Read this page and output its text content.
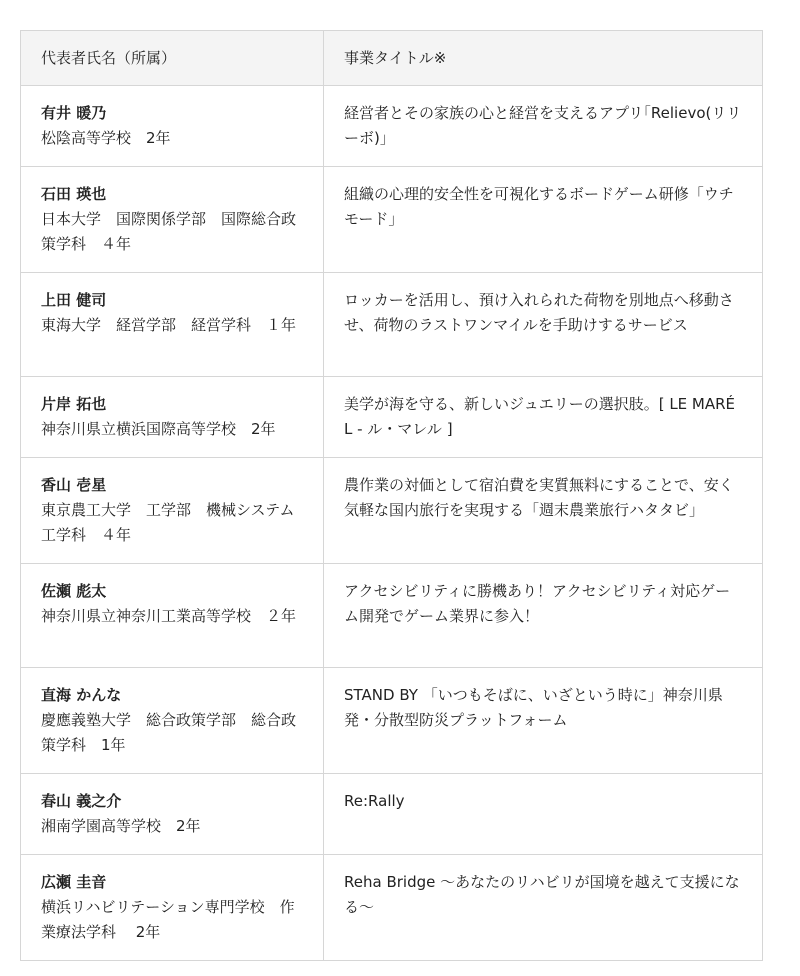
代表者氏名（所属）	事業タイトル※

有井 暖乃
松陰高等学校　2年	経営者とその家族の心と経営を支えるアプリ｢Relievo(リリーボ)｣

石田 瑛也
日本大学　国際関係学部　国際総合政策学科　４年	組織の心理的安全性を可視化するボードゲーム研修「ウチモード」

上田 健司
東海大学　経営学部　経営学科　１年	ロッカーを活用し、預け入れられた荷物を別地点へ移動させ、荷物のラストワンマイルを手助けするサービス

片岸 拓也
神奈川県立横浜国際高等学校　2年	美学が海を守る、新しいジュエリーの選択肢。[ LE MARÉL - ル・マレル ]

香山 壱星
東京農工大学　工学部　機械システム工学科　４年	農作業の対価として宿泊費を実質無料にすることで、安く気軽な国内旅行を実現する「週末農業旅行ハタタビ」

佐瀬 彪太
神奈川県立神奈川工業高等学校　２年	アクセシビリティに勝機あり！アクセシビリティ対応ゲーム開発でゲーム業界に参入！

直海 かんな
慶應義塾大学　総合政策学部　総合政策学科　1年	STAND BY 「いつもそばに、いざという時に」神奈川県発・分散型防災プラットフォーム

春山 義之介
湘南学園高等学校　2年	Re:Rally

広瀬 圭音
横浜リハビリテーション専門学校　作業療法学科　 2年	Reha Bridge 〜あなたのリハビリが国境を越えて支援になる〜
